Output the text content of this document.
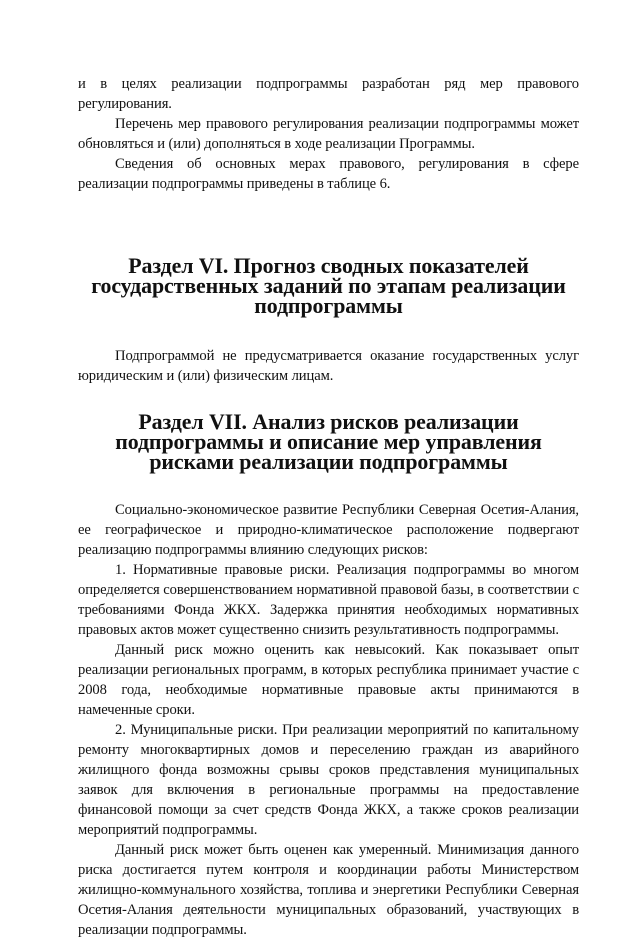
и в целях реализации подпрограммы разработан ряд мер правового регулирования.

Перечень мер правового регулирования реализации подпрограммы может обновляться и (или) дополняться в ходе реализации Программы.

Сведения об основных мерах правового, регулирования в сфере реализации подпрограммы приведены в таблице 6.

Раздел VI. Прогноз сводных показателей государственных заданий по этапам реализации подпрограммы

Подпрограммой не предусматривается оказание государственных услуг юридическим и (или) физическим лицам.

Раздел VII. Анализ рисков реализации подпрограммы и описание мер управления рисками реализации подпрограммы

Социально-экономическое развитие Республики Северная Осетия-Алания, ее географическое и природно-климатическое расположение подвергают реализацию подпрограммы влиянию следующих рисков:

1. Нормативные правовые риски. Реализация подпрограммы во многом определяется совершенствованием нормативной правовой базы, в соответствии с требованиями Фонда ЖКХ. Задержка принятия необходимых нормативных правовых актов может существенно снизить результативность подпрограммы.

Данный риск можно оценить как невысокий. Как показывает опыт реализации региональных программ, в которых республика принимает участие с 2008 года, необходимые нормативные правовые акты принимаются в намеченные сроки.

2. Муниципальные риски. При реализации мероприятий по капитальному ремонту многоквартирных домов и переселению граждан из аварийного жилищного фонда возможны срывы сроков представления муниципальных заявок для включения в региональные программы на предоставление финансовой помощи за счет средств Фонда ЖКХ, а также сроков реализации мероприятий подпрограммы.

Данный риск может быть оценен как умеренный. Минимизация данного риска достигается путем контроля и координации работы Министерством жилищно-коммунального хозяйства, топлива и энергетики Республики Северная Осетия-Алания деятельности муниципальных образований, участвующих в реализации подпрограммы.
